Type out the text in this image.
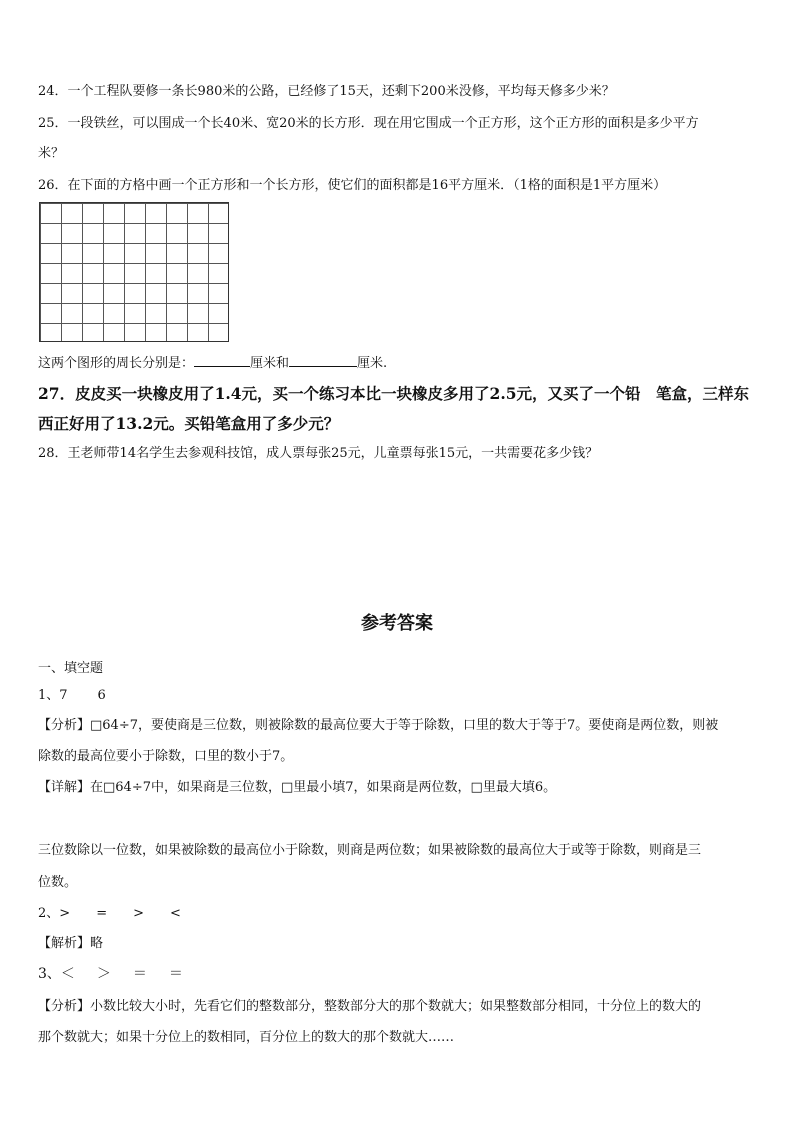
24．一个工程队要修一条长980米的公路，已经修了15天，还剩下200米没修，平均每天修多少米？
25．一段铁丝，可以围成一个长40米、宽20米的长方形．现在用它围成一个正方形，这个正方形的面积是多少平方
米？
26．在下面的方格中画一个正方形和一个长方形，使它们的面积都是16平方厘米．（1格的面积是1平方厘米）
这两个图形的周长分别是：	厘米和	厘米.
27．皮皮买一块橡皮用了1.4元，买一个练习本比一块橡皮多用了2.5元，又买了一个铅　笔盒，三样东
西正好用了13.2元。买铅笔盒用了多少元？
28．王老师带14名学生去参观科技馆，成人票每张25元，儿童票每张15元，一共需要花多少钱？
参考答案
一、填空题
1、7 6
【分析】□64÷7，要使商是三位数，则被除数的最高位要大于等于除数，口里的数大于等于7。要使商是两位数，则被
除数的最高位要小于除数，口里的数小于7。
【详解】在□64÷7中，如果商是三位数，□里最小填7，如果商是两位数，□里最大填6。
三位数除以一位数，如果被除数的最高位小于除数，则商是两位数；如果被除数的最高位大于或等于除数，则商是三
位数。
2、> = > <
【解析】略
3、＜ ＞ ＝ ＝
【分析】小数比较大小时，先看它们的整数部分，整数部分大的那个数就大；如果整数部分相同，十分位上的数大的
那个数就大；如果十分位上的数相同，百分位上的数大的那个数就大……
